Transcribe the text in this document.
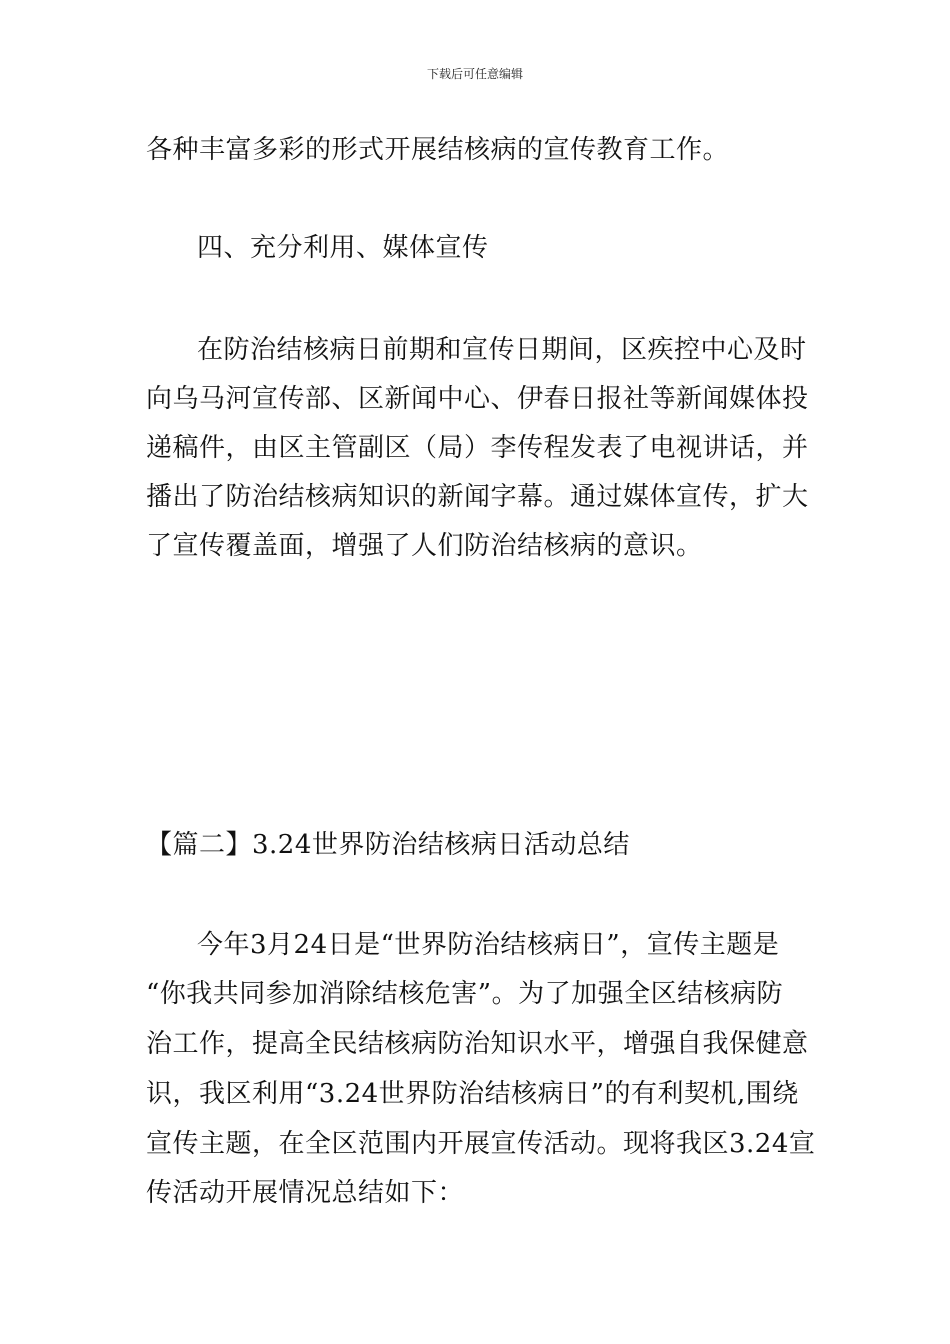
下载后可任意编辑
各种丰富多彩的形式开展结核病的宣传教育工作。
四、充分利用、媒体宣传
在防治结核病日前期和宣传日期间，区疾控中心及时
向乌马河宣传部、区新闻中心、伊春日报社等新闻媒体投
递稿件，由区主管副区（局）李传程发表了电视讲话，并
播出了防治结核病知识的新闻字幕。通过媒体宣传，扩大
了宣传覆盖面，增强了人们防治结核病的意识。
【篇二】3.24世界防治结核病日活动总结
今年3月24日是“世界防治结核病日”，宣传主题是
“你我共同参加消除结核危害”。为了加强全区结核病防
治工作，提高全民结核病防治知识水平，增强自我保健意
识，我区利用“3.24世界防治结核病日”的有利契机,围绕
宣传主题，在全区范围内开展宣传活动。现将我区3.24宣
传活动开展情况总结如下：
